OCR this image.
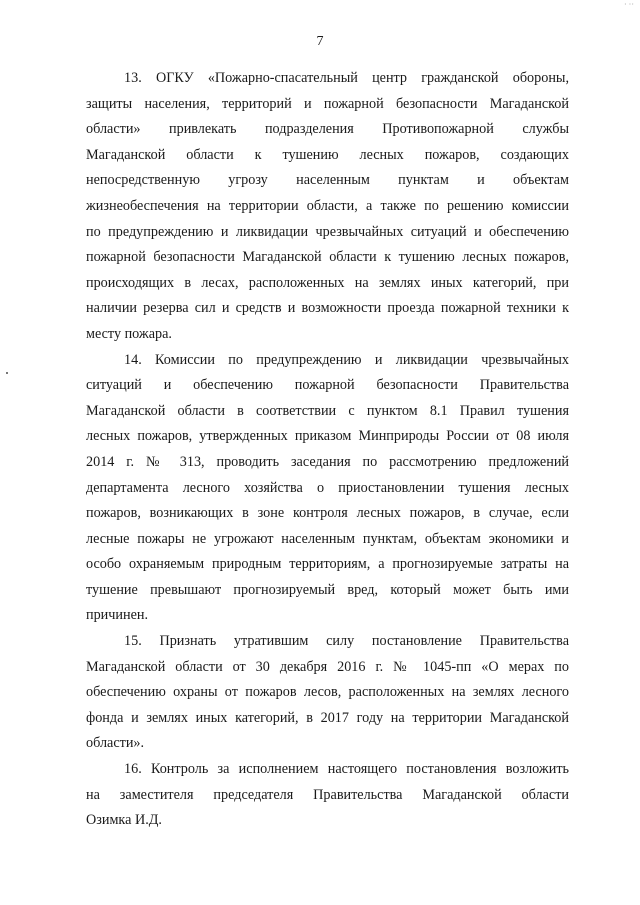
· ··
7

13. ОГКУ «Пожарно-спасательный центр гражданской обороны,
защиты населения, территорий и пожарной безопасности Магаданской
области» привлекать подразделения Противопожарной службы
Магаданской области к тушению лесных пожаров, создающих
непосредственную угрозу населенным пунктам и объектам
жизнеобеспечения на территории области, а также по решению комиссии
по предупреждению и ликвидации чрезвычайных ситуаций и обеспечению
пожарной безопасности Магаданской области к тушению лесных пожаров,
происходящих в лесах, расположенных на землях иных категорий, при
наличии резерва сил и средств и возможности проезда пожарной техники к
месту пожара.

14. Комиссии по предупреждению и ликвидации чрезвычайных
ситуаций и обеспечению пожарной безопасности Правительства
Магаданской области в соответствии с пунктом 8.1 Правил тушения
лесных пожаров, утвержденных приказом Минприроды России от 08 июля
2014 г. № 313, проводить заседания по рассмотрению предложений
департамента лесного хозяйства о приостановлении тушения лесных
пожаров, возникающих в зоне контроля лесных пожаров, в случае, если
лесные пожары не угрожают населенным пунктам, объектам экономики и
особо охраняемым природным территориям, а прогнозируемые затраты на
тушение превышают прогнозируемый вред, который может быть ими
причинен.

15. Признать утратившим силу постановление Правительства
Магаданской области от 30 декабря 2016 г. № 1045-пп «О мерах по
обеспечению охраны от пожаров лесов, расположенных на землях лесного
фонда и землях иных категорий, в 2017 году на территории Магаданской
области».

16. Контроль за исполнением настоящего постановления возложить
на заместителя председателя Правительства Магаданской области
Озимка И.Д.
